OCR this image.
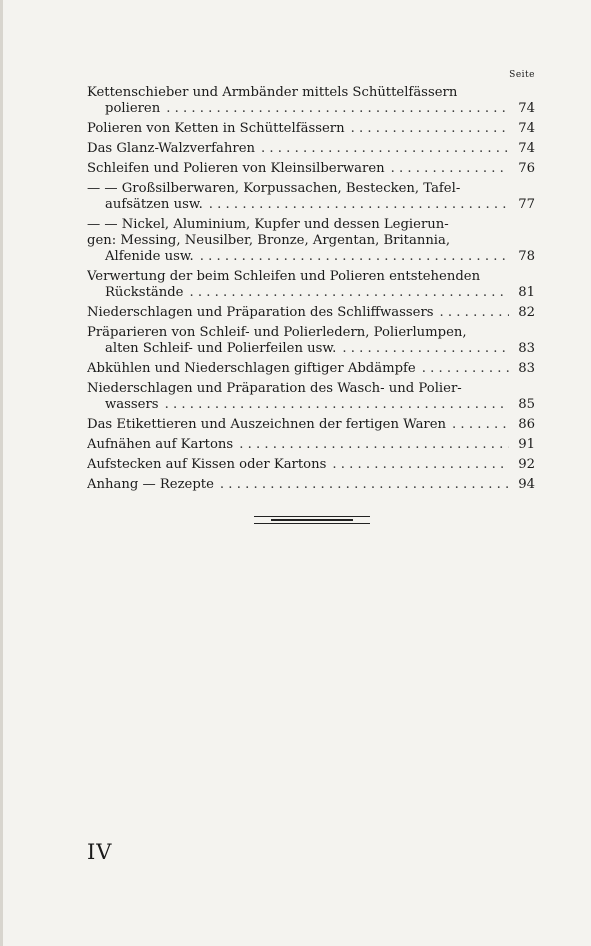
Seite
Kettenschieber und Armbänder mittels Schüttelfässern
polieren . . .	74
Polieren von Ketten in Schüttelfässern . . .	74
Das Glanz-Walzverfahren . . .	74
Schleifen und Polieren von Kleinsilberwaren . . .	76
— — Großsilberwaren, Korpussachen, Bestecken, Tafel-
aufsätzen usw. . . .	77
— — Nickel, Aluminium, Kupfer und dessen Legierun-
gen: Messing, Neusilber, Bronze, Argentan, Britannia,
Alfenide usw. . . .	78
Verwertung der beim Schleifen und Polieren entstehenden
Rückstände . . .	81
Niederschlagen und Präparation des Schliffwassers . . .	82
Präparieren von Schleif- und Polierledern, Polierlumpen,
alten Schleif- und Polierfeilen usw. . . .	83
Abkühlen und Niederschlagen giftiger Abdämpfe . . .	83
Niederschlagen und Präparation des Wasch- und Polier-
wassers . . .	85
Das Etikettieren und Auszeichnen der fertigen Waren . . .	86
Aufnähen auf Kartons . . .	91
Aufstecken auf Kissen oder Kartons . . .	92
Anhang — Rezepte . . .	94
IV
